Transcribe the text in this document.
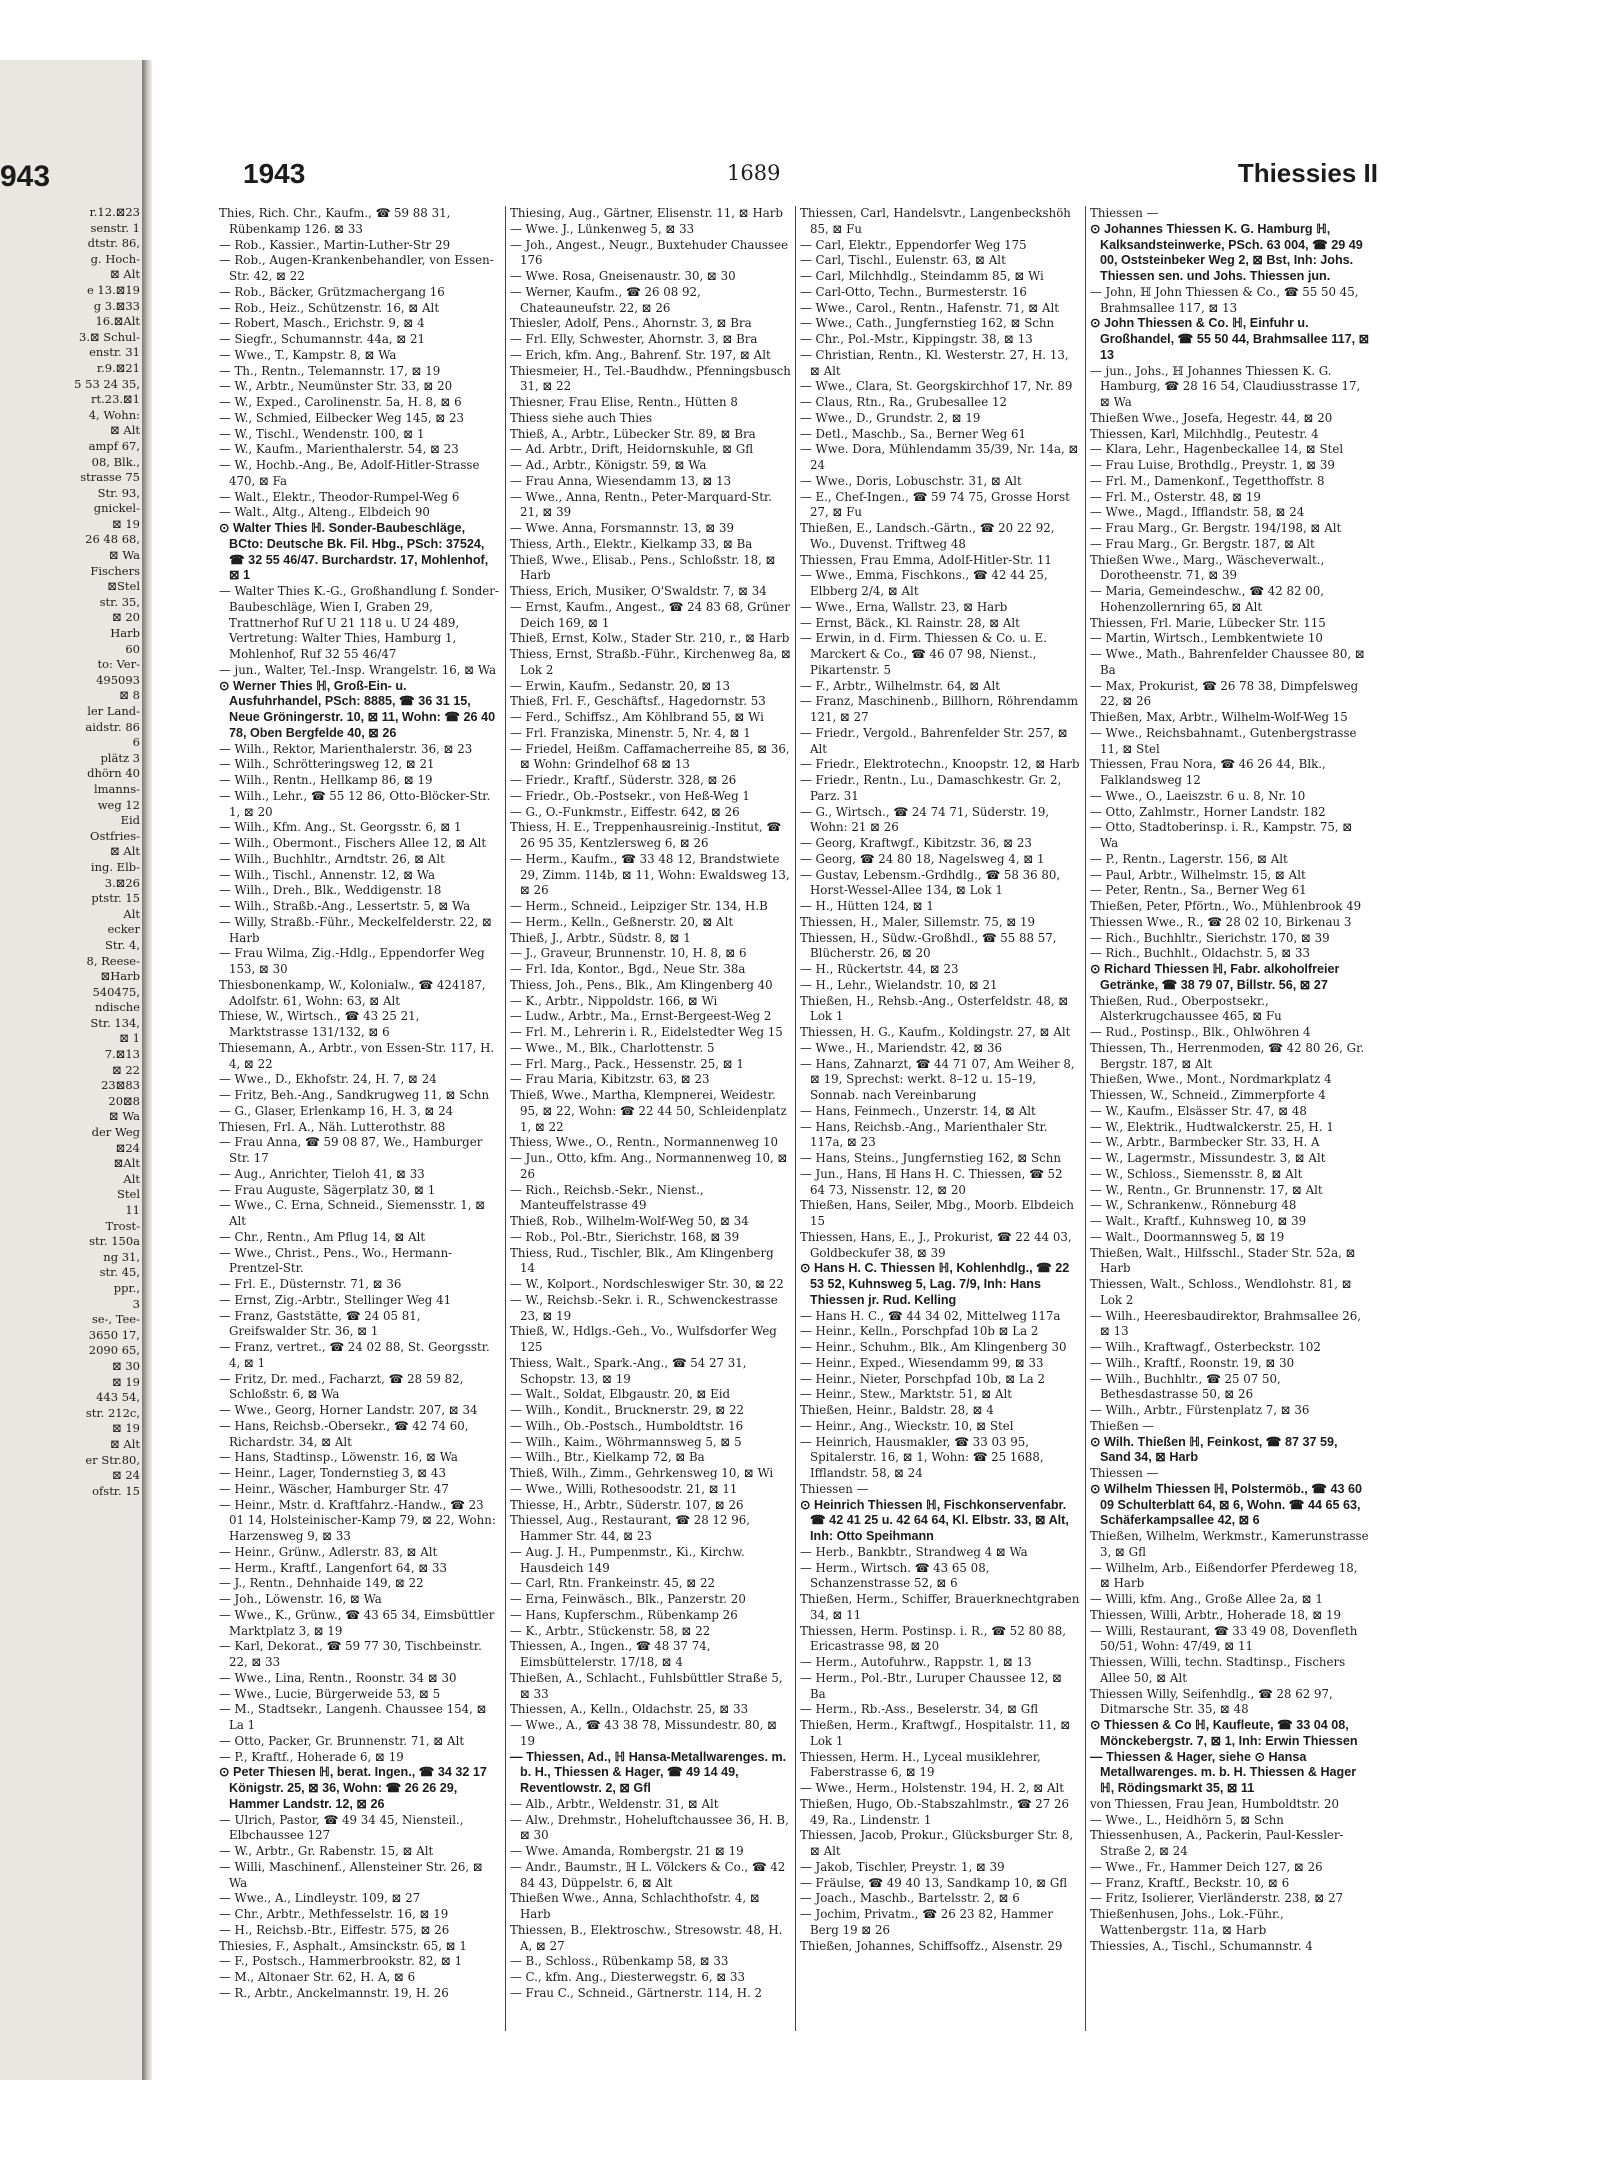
943
r.12.⊠23
senstr. 1
dtstr. 86,
g. Hoch-
⊠ Alt
e 13.⊠19
g 3.⊠33
16.⊠Alt
3.⊠ Schul-
enstr. 31
r.9.⊠21
5 53 24 35,
rt.23.⊠1
4, Wohn:
⊠ Alt
ampf 67,
08, Blk.,
strasse 75
Str. 93,
gnickel-
⊠ 19
26 48 68,
⊠ Wa
Fischers
⊠Stel
str. 35,
⊠ 20
Harb
60
to: Ver-
495093
⊠ 8
ler Land-
aidstr. 86
6
plätz 3
dhörn 40
lmanns-
weg 12
Eid
Ostfries-
⊠ Alt
ing. Elb-
3.⊠26
ptstr. 15
Alt
ecker
Str. 4,
8, Reese-
⊠Harb
540475,
ndische
Str. 134,
⊠ 1
7.⊠13
⊠ 22
23⊠83
20⊠8
⊠ Wa
der Weg
⊠24
⊠Alt
Alt
Stel
11
Trost-
str. 150a
ng 31,
str. 45,
ppr.,
3
se-, Tee-
3650 17,
2090 65,
⊠ 30
⊠ 19
443 54,
str. 212c,
⊠ 19
⊠ Alt
er Str.80,
⊠ 24
ofstr. 15
1943	1689	Thiessies II
Thies, Rich. Chr., Kaufm., ☎ 59 88 31, Rübenkamp 126. ⊠ 33
— Rob., Kassier., Martin-Luther-Str 29
— Rob., Augen-Krankenbehandler, von Essen-Str. 42, ⊠ 22
— Rob., Bäcker, Grützmachergang 16
— Rob., Heiz., Schützenstr. 16, ⊠ Alt
— Robert, Masch., Erichstr. 9, ⊠ 4
— Siegfr., Schumannstr. 44a, ⊠ 21
— Wwe., T., Kampstr. 8, ⊠ Wa
— Th., Rentn., Telemannstr. 17, ⊠ 19
— W., Arbtr., Neumünster Str. 33, ⊠ 20
— W., Exped., Carolinenstr. 5a, H. 8, ⊠ 6
— W., Schmied, Eilbecker Weg 145, ⊠ 23
— W., Tischl., Wendenstr. 100, ⊠ 1
— W., Kaufm., Marienthalerstr. 54, ⊠ 23
— W., Hochb.-Ang., Be, Adolf-Hitler-Strasse 470, ⊠ Fa
— Walt., Elektr., Theodor-Rumpel-Weg 6
— Walt., Altg., Alteng., Elbdeich 90
⊙ Walter Thies ℍ. Sonder-Baubeschläge, BCto: Deutsche Bk. Fil. Hbg., PSch: 37524, ☎ 32 55 46/47. Burchardstr. 17, Mohlenhof, ⊠ 1
— Walter Thies K.-G., Großhandlung f. Sonder-Baubeschläge, Wien I, Graben 29, Trattnerhof Ruf U 21 118 u. U 24 489, Vertretung: Walter Thies, Hamburg 1, Mohlenhof, Ruf 32 55 46/47
— jun., Walter, Tel.-Insp. Wrangelstr. 16, ⊠ Wa
⊙ Werner Thies ℍ, Groß-Ein- u. Ausfuhrhandel, PSch: 8885, ☎ 36 31 15, Neue Gröningerstr. 10, ⊠ 11, Wohn: ☎ 26 40 78, Oben Bergfelde 40, ⊠ 26
— Wilh., Rektor, Marienthalerstr. 36, ⊠ 23
— Wilh., Schrötteringsweg 12, ⊠ 21
— Wilh., Rentn., Hellkamp 86, ⊠ 19
— Wilh., Lehr., ☎ 55 12 86, Otto-Blöcker-Str. 1, ⊠ 20
— Wilh., Kfm. Ang., St. Georgsstr. 6, ⊠ 1
— Wilh., Obermont., Fischers Allee 12, ⊠ Alt
— Wilh., Buchhltr., Arndtstr. 26, ⊠ Alt
— Wilh., Tischl., Annenstr. 12, ⊠ Wa
— Wilh., Dreh., Blk., Weddigenstr. 18
— Wilh., Straßb.-Ang., Lessertstr. 5, ⊠ Wa
— Willy, Straßb.-Führ., Meckelfelderstr. 22, ⊠ Harb
— Frau Wilma, Zig.-Hdlg., Eppendorfer Weg 153, ⊠ 30
Thiesbonenkamp, W., Kolonialw., ☎ 424187, Adolfstr. 61, Wohn: 63, ⊠ Alt
Thiese, W., Wirtsch., ☎ 43 25 21, Marktstrasse 131/132, ⊠ 6
Thiesemann, A., Arbtr., von Essen-Str. 117, H. 4, ⊠ 22
— Wwe., D., Ekhofstr. 24, H. 7, ⊠ 24
— Fritz, Beh.-Ang., Sandkrugweg 11, ⊠ Schn
— G., Glaser, Erlenkamp 16, H. 3, ⊠ 24
Thiesen, Frl. A., Näh. Lutterothstr. 88
— Frau Anna, ☎ 59 08 87, We., Hamburger Str. 17
— Aug., Anrichter, Tieloh 41, ⊠ 33
— Frau Auguste, Sägerplatz 30, ⊠ 1
— Wwe., C. Erna, Schneid., Siemensstr. 1, ⊠ Alt
— Chr., Rentn., Am Pflug 14, ⊠ Alt
— Wwe., Christ., Pens., Wo., Hermann-Prentzel-Str.
— Frl. E., Düsternstr. 71, ⊠ 36
— Ernst, Zig.-Arbtr., Stellinger Weg 41
— Franz, Gaststätte, ☎ 24 05 81, Greifswalder Str. 36, ⊠ 1
— Franz, vertret., ☎ 24 02 88, St. Georgsstr. 4, ⊠ 1
— Fritz, Dr. med., Facharzt, ☎ 28 59 82, Schloßstr. 6, ⊠ Wa
— Wwe., Georg, Horner Landstr. 207, ⊠ 34
— Hans, Reichsb.-Obersekr., ☎ 42 74 60, Richardstr. 34, ⊠ Alt
— Hans, Stadtinsp., Löwenstr. 16, ⊠ Wa
— Heinr., Lager, Tondernstieg 3, ⊠ 43
— Heinr., Wäscher, Hamburger Str. 47
— Heinr., Mstr. d. Kraftfahrz.-Handw., ☎ 23 01 14, Holsteinischer-Kamp 79, ⊠ 22, Wohn: Harzensweg 9, ⊠ 33
— Heinr., Grünw., Adlerstr. 83, ⊠ Alt
— Herm., Kraftf., Langenfort 64, ⊠ 33
— J., Rentn., Dehnhaide 149, ⊠ 22
— Joh., Löwenstr. 16, ⊠ Wa
— Wwe., K., Grünw., ☎ 43 65 34, Eimsbüttler Marktplatz 3, ⊠ 19
— Karl, Dekorat., ☎ 59 77 30, Tischbeinstr. 22, ⊠ 33
— Wwe., Lina, Rentn., Roonstr. 34 ⊠ 30
— Wwe., Lucie, Bürgerweide 53, ⊠ 5
— M., Stadtsekr., Langenh. Chaussee 154, ⊠ La 1
— Otto, Packer, Gr. Brunnenstr. 71, ⊠ Alt
— P., Kraftf., Hoherade 6, ⊠ 19
⊙ Peter Thiesen ℍ, berat. Ingen., ☎ 34 32 17 Königstr. 25, ⊠ 36, Wohn: ☎ 26 26 29, Hammer Landstr. 12, ⊠ 26
— Ulrich, Pastor, ☎ 49 34 45, Niensteil., Elbchaussee 127
— W., Arbtr., Gr. Rabenstr. 15, ⊠ Alt
— Willi, Maschinenf., Allensteiner Str. 26, ⊠ Wa
— Wwe., A., Lindleystr. 109, ⊠ 27
— Chr., Arbtr., Methfesselstr. 16, ⊠ 19
— H., Reichsb.-Btr., Eiffestr. 575, ⊠ 26
Thiesies, F., Asphalt., Amsinckstr. 65, ⊠ 1
— F., Postsch., Hammerbrookstr. 82, ⊠ 1
— M., Altonaer Str. 62, H. A, ⊠ 6
— R., Arbtr., Anckelmannstr. 19, H. 26
Thiesing, Aug., Gärtner, Elisenstr. 11, ⊠ Harb
— Wwe. J., Lünkenweg 5, ⊠ 33
— Joh., Angest., Neugr., Buxtehuder Chaussee 176
— Wwe. Rosa, Gneisenaustr. 30, ⊠ 30
— Werner, Kaufm., ☎ 26 08 92, Chateauneufstr. 22, ⊠ 26
Thiesler, Adolf, Pens., Ahornstr. 3, ⊠ Bra
— Frl. Elly, Schwester, Ahornstr. 3, ⊠ Bra
— Erich, kfm. Ang., Bahrenf. Str. 197, ⊠ Alt
Thiesmeier, H., Tel.-Baudhdw., Pfenningsbusch 31, ⊠ 22
Thiesner, Frau Elise, Rentn., Hütten 8
Thiess siehe auch Thies
Thieß, A., Arbtr., Lübecker Str. 89, ⊠ Bra
— Ad. Arbtr., Drift, Heidornskuhle, ⊠ Gfl
— Ad., Arbtr., Königstr. 59, ⊠ Wa
— Frau Anna, Wiesendamm 13, ⊠ 13
— Wwe., Anna, Rentn., Peter-Marquard-Str. 21, ⊠ 39
— Wwe. Anna, Forsmannstr. 13, ⊠ 39
Thiess, Arth., Elektr., Kielkamp 33, ⊠ Ba
Thieß, Wwe., Elisab., Pens., Schloßstr. 18, ⊠ Harb
Thiess, Erich, Musiker, O'Swaldstr. 7, ⊠ 34
— Ernst, Kaufm., Angest., ☎ 24 83 68, Grüner Deich 169, ⊠ 1
Thieß, Ernst, Kolw., Stader Str. 210, r., ⊠ Harb
Thiess, Ernst, Straßb.-Führ., Kirchenweg 8a, ⊠ Lok 2
— Erwin, Kaufm., Sedanstr. 20, ⊠ 13
Thieß, Frl. F., Geschäftsf., Hagedornstr. 53
— Ferd., Schiffsz., Am Köhlbrand 55, ⊠ Wi
— Frl. Franziska, Minenstr. 5, Nr. 4, ⊠ 1
— Friedel, Heißm. Caffamacherreihe 85, ⊠ 36, ⊠ Wohn: Grindelhof 68 ⊠ 13
— Friedr., Kraftf., Süderstr. 328, ⊠ 26
— Friedr., Ob.-Postsekr., von Heß-Weg 1
— G., O.-Funkmstr., Eiffestr. 642, ⊠ 26
Thiess, H. E., Treppenhausreinig.-Institut, ☎ 26 95 35, Kentzlersweg 6, ⊠ 26
— Herm., Kaufm., ☎ 33 48 12, Brandstwiete 29, Zimm. 114b, ⊠ 11, Wohn: Ewaldsweg 13, ⊠ 26
— Herm., Schneid., Leipziger Str. 134, H.B
— Herm., Kelln., Geßnerstr. 20, ⊠ Alt
Thieß, J., Arbtr., Südstr. 8, ⊠ 1
— J., Graveur, Brunnenstr. 10, H. 8, ⊠ 6
— Frl. Ida, Kontor., Bgd., Neue Str. 38a
Thiess, Joh., Pens., Blk., Am Klingenberg 40
— K., Arbtr., Nippoldstr. 166, ⊠ Wi
— Ludw., Arbtr., Ma., Ernst-Bergeest-Weg 2
— Frl. M., Lehrerin i. R., Eidelstedter Weg 15
— Wwe., M., Blk., Charlottenstr. 5
— Frl. Marg., Pack., Hessenstr. 25, ⊠ 1
— Frau Maria, Kibitzstr. 63, ⊠ 23
Thieß, Wwe., Martha, Klempnerei, Weidestr. 95, ⊠ 22, Wohn: ☎ 22 44 50, Schleidenplatz 1, ⊠ 22
Thiess, Wwe., O., Rentn., Normannenweg 10
— Jun., Otto, kfm. Ang., Normannenweg 10, ⊠ 26
— Rich., Reichsb.-Sekr., Nienst., Manteuffelstrasse 49
Thieß, Rob., Wilhelm-Wolf-Weg 50, ⊠ 34
— Rob., Pol.-Btr., Sierichstr. 168, ⊠ 39
Thiess, Rud., Tischler, Blk., Am Klingenberg 14
— W., Kolport., Nordschleswiger Str. 30, ⊠ 22
— W., Reichsb.-Sekr. i. R., Schwenckestrasse 23, ⊠ 19
Thieß, W., Hdlgs.-Geh., Vo., Wulfsdorfer Weg 125
Thiess, Walt., Spark.-Ang., ☎ 54 27 31, Schopstr. 13, ⊠ 19
— Walt., Soldat, Elbgaustr. 20, ⊠ Eid
— Wilh., Kondit., Brucknerstr. 29, ⊠ 22
— Wilh., Ob.-Postsch., Humboldtstr. 16
— Wilh., Kaim., Wöhrmannsweg 5, ⊠ 5
— Wilh., Btr., Kielkamp 72, ⊠ Ba
Thieß, Wilh., Zimm., Gehrkensweg 10, ⊠ Wi
— Wwe., Willi, Rothesoodstr. 21, ⊠ 11
Thiesse, H., Arbtr., Süderstr. 107, ⊠ 26
Thiessel, Aug., Restaurant, ☎ 28 12 96, Hammer Str. 44, ⊠ 23
— Aug. J. H., Pumpenmstr., Ki., Kirchw. Hausdeich 149
— Carl, Rtn. Frankeinstr. 45, ⊠ 22
— Erna, Feinwäsch., Blk., Panzerstr. 20
— Hans, Kupferschm., Rübenkamp 26
— K., Arbtr., Stückenstr. 58, ⊠ 22
Thiessen, A., Ingen., ☎ 48 37 74, Eimsbüttelerstr. 17/18, ⊠ 4
Thießen, A., Schlacht., Fuhlsbüttler Straße 5, ⊠ 33
Thiessen, A., Kelln., Oldachstr. 25, ⊠ 33
— Wwe., A., ☎ 43 38 78, Missundestr. 80, ⊠ 19
— Thiessen, Ad., ℍ Hansa-Metallwarenges. m. b. H., Thiessen & Hager, ☎ 49 14 49, Reventlowstr. 2, ⊠ Gfl
— Alb., Arbtr., Weldenstr. 31, ⊠ Alt
— Alw., Drehmstr., Hoheluftchaussee 36, H. B, ⊠ 30
— Wwe. Amanda, Rombergstr. 21 ⊠ 19
— Andr., Baumstr., ℍ L. Völckers & Co., ☎ 42 84 43, Düppelstr. 6, ⊠ Alt
Thießen Wwe., Anna, Schlachthofstr. 4, ⊠ Harb
Thiessen, B., Elektroschw., Stresowstr. 48, H. A, ⊠ 27
— B., Schloss., Rübenkamp 58, ⊠ 33
— C., kfm. Ang., Diesterwegstr. 6, ⊠ 33
— Frau C., Schneid., Gärtnerstr. 114, H. 2
Thiessen, Carl, Handelsvtr., Langenbeckshöh 85, ⊠ Fu
— Carl, Elektr., Eppendorfer Weg 175
— Carl, Tischl., Eulenstr. 63, ⊠ Alt
— Carl, Milchhdlg., Steindamm 85, ⊠ Wi
— Carl-Otto, Techn., Burmesterstr. 16
— Wwe., Carol., Rentn., Hafenstr. 71, ⊠ Alt
— Wwe., Cath., Jungfernstieg 162, ⊠ Schn
— Chr., Pol.-Mstr., Kippingstr. 38, ⊠ 13
— Christian, Rentn., Kl. Westerstr. 27, H. 13, ⊠ Alt
— Wwe., Clara, St. Georgskirchhof 17, Nr. 89
— Claus, Rtn., Ra., Grubesallee 12
— Wwe., D., Grundstr. 2, ⊠ 19
— Detl., Maschb., Sa., Berner Weg 61
— Wwe. Dora, Mühlendamm 35/39, Nr. 14a, ⊠ 24
— Wwe., Doris, Lobuschstr. 31, ⊠ Alt
— E., Chef-Ingen., ☎ 59 74 75, Grosse Horst 27, ⊠ Fu
Thießen, E., Landsch.-Gärtn., ☎ 20 22 92, Wo., Duvenst. Triftweg 48
Thiessen, Frau Emma, Adolf-Hitler-Str. 11
— Wwe., Emma, Fischkons., ☎ 42 44 25, Elbberg 2/4, ⊠ Alt
— Wwe., Erna, Wallstr. 23, ⊠ Harb
— Ernst, Bäck., Kl. Rainstr. 28, ⊠ Alt
— Erwin, in d. Firm. Thiessen & Co. u. E. Marckert & Co., ☎ 46 07 98, Nienst., Pikartenstr. 5
— F., Arbtr., Wilhelmstr. 64, ⊠ Alt
— Franz, Maschinenb., Billhorn, Röhrendamm 121, ⊠ 27
— Friedr., Vergold., Bahrenfelder Str. 257, ⊠ Alt
— Friedr., Elektrotechn., Knoopstr. 12, ⊠ Harb
— Friedr., Rentn., Lu., Damaschkestr. Gr. 2, Parz. 31
— G., Wirtsch., ☎ 24 74 71, Süderstr. 19, Wohn: 21 ⊠ 26
— Georg, Kraftwgf., Kibitzstr. 36, ⊠ 23
— Georg, ☎ 24 80 18, Nagelsweg 4, ⊠ 1
— Gustav, Lebensm.-Grdhdlg., ☎ 58 36 80, Horst-Wessel-Allee 134, ⊠ Lok 1
— H., Hütten 124, ⊠ 1
Thiessen, H., Maler, Sillemstr. 75, ⊠ 19
Thiessen, H., Südw.-Großhdl., ☎ 55 88 57, Blücherstr. 26, ⊠ 20
— H., Rückertstr. 44, ⊠ 23
— H., Lehr., Wielandstr. 10, ⊠ 21
Thießen, H., Rehsb.-Ang., Osterfeldstr. 48, ⊠ Lok 1
Thiessen, H. G., Kaufm., Koldingstr. 27, ⊠ Alt
— Wwe., H., Mariendstr. 42, ⊠ 36
— Hans, Zahnarzt, ☎ 44 71 07, Am Weiher 8, ⊠ 19, Sprechst: werkt. 8–12 u. 15–19, Sonnab. nach Vereinbarung
— Hans, Feinmech., Unzerstr. 14, ⊠ Alt
— Hans, Reichsb.-Ang., Marienthaler Str. 117a, ⊠ 23
— Hans, Steins., Jungfernstieg 162, ⊠ Schn
— Jun., Hans, ℍ Hans H. C. Thiessen, ☎ 52 64 73, Nissenstr. 12, ⊠ 20
Thießen, Hans, Seiler, Mbg., Moorb. Elbdeich 15
Thiessen, Hans, E., J., Prokurist, ☎ 22 44 03, Goldbeckufer 38, ⊠ 39
⊙ Hans H. C. Thiessen ℍ, Kohlenhdlg., ☎ 22 53 52, Kuhnsweg 5, Lag. 7/9, Inh: Hans Thiessen jr. Rud. Kelling
— Hans H. C., ☎ 44 34 02, Mittelweg 117a
— Heinr., Kelln., Porschpfad 10b ⊠ La 2
— Heinr., Schuhm., Blk., Am Klingenberg 30
— Heinr., Exped., Wiesendamm 99, ⊠ 33
— Heinr., Nieter, Porschpfad 10b, ⊠ La 2
— Heinr., Stew., Marktstr. 51, ⊠ Alt
Thießen, Heinr., Baldstr. 28, ⊠ 4
— Heinr., Ang., Wieckstr. 10, ⊠ Stel
— Heinrich, Hausmakler, ☎ 33 03 95, Spitalerstr. 16, ⊠ 1, Wohn: ☎ 25 1688, Ifflandstr. 58, ⊠ 24
Thiessen —
⊙ Heinrich Thiessen ℍ, Fischkonservenfabr. ☎ 42 41 25 u. 42 64 64, Kl. Elbstr. 33, ⊠ Alt, Inh: Otto Speihmann
— Herb., Bankbtr., Strandweg 4 ⊠ Wa
— Herm., Wirtsch. ☎ 43 65 08, Schanzenstrasse 52, ⊠ 6
Thießen, Herm., Schiffer, Brauerknechtgraben 34, ⊠ 11
Thiessen, Herm. Postinsp. i. R., ☎ 52 80 88, Ericastrasse 98, ⊠ 20
— Herm., Autofuhrw., Rappstr. 1, ⊠ 13
— Herm., Pol.-Btr., Luruper Chaussee 12, ⊠ Ba
— Herm., Rb.-Ass., Beselerstr. 34, ⊠ Gfl
Thießen, Herm., Kraftwgf., Hospitalstr. 11, ⊠ Lok 1
Thiessen, Herm. H., Lyceal musiklehrer, Faberstrasse 6, ⊠ 19
— Wwe., Herm., Holstenstr. 194, H. 2, ⊠ Alt
Thießen, Hugo, Ob.-Stabszahlmstr., ☎ 27 26 49, Ra., Lindenstr. 1
Thiessen, Jacob, Prokur., Glücksburger Str. 8, ⊠ Alt
— Jakob, Tischler, Preystr. 1, ⊠ 39
— Fräulse, ☎ 49 40 13, Sandkamp 10, ⊠ Gfl
— Joach., Maschb., Bartelsstr. 2, ⊠ 6
— Jochim, Privatm., ☎ 26 23 82, Hammer Berg 19 ⊠ 26
Thießen, Johannes, Schiffsoffz., Alsenstr. 29
Thiessen —
⊙ Johannes Thiessen K. G. Hamburg ℍ, Kalksandsteinwerke, PSch. 63 004, ☎ 29 49 00, Oststeinbeker Weg 2, ⊠ Bst, Inh: Johs. Thiessen sen. und Johs. Thiessen jun.
— John, ℍ John Thiessen & Co., ☎ 55 50 45, Brahmsallee 117, ⊠ 13
⊙ John Thiessen & Co. ℍ, Einfuhr u. Großhandel, ☎ 55 50 44, Brahmsallee 117, ⊠ 13
— jun., Johs., ℍ Johannes Thiessen K. G. Hamburg, ☎ 28 16 54, Claudiusstrasse 17, ⊠ Wa
Thießen Wwe., Josefa, Hegestr. 44, ⊠ 20
Thiessen, Karl, Milchhdlg., Peutestr. 4
— Klara, Lehr., Hagenbeckallee 14, ⊠ Stel
— Frau Luise, Brothdlg., Preystr. 1, ⊠ 39
— Frl. M., Damenkonf., Tegetthoffstr. 8
— Frl. M., Osterstr. 48, ⊠ 19
— Wwe., Magd., Ifflandstr. 58, ⊠ 24
— Frau Marg., Gr. Bergstr. 194/198, ⊠ Alt
— Frau Marg., Gr. Bergstr. 187, ⊠ Alt
Thießen Wwe., Marg., Wäscheverwalt., Dorotheenstr. 71, ⊠ 39
— Maria, Gemeindeschw., ☎ 42 82 00, Hohenzollernring 65, ⊠ Alt
Thiessen, Frl. Marie, Lübecker Str. 115
— Martin, Wirtsch., Lembkentwiete 10
— Wwe., Math., Bahrenfelder Chaussee 80, ⊠ Ba
— Max, Prokurist, ☎ 26 78 38, Dimpfelsweg 22, ⊠ 26
Thießen, Max, Arbtr., Wilhelm-Wolf-Weg 15
— Wwe., Reichsbahnamt., Gutenbergstrasse 11, ⊠ Stel
Thiessen, Frau Nora, ☎ 46 26 44, Blk., Falklandsweg 12
— Wwe., O., Laeiszstr. 6 u. 8, Nr. 10
— Otto, Zahlmstr., Horner Landstr. 182
— Otto, Stadtoberinsp. i. R., Kampstr. 75, ⊠ Wa
— P., Rentn., Lagerstr. 156, ⊠ Alt
— Paul, Arbtr., Wilhelmstr. 15, ⊠ Alt
— Peter, Rentn., Sa., Berner Weg 61
Thießen, Peter, Pförtn., Wo., Mühlenbrook 49
Thiessen Wwe., R., ☎ 28 02 10, Birkenau 3
— Rich., Buchhltr., Sierichstr. 170, ⊠ 39
— Rich., Buchhlt., Oldachstr. 5, ⊠ 33
⊙ Richard Thiessen ℍ, Fabr. alkoholfreier Getränke, ☎ 38 79 07, Billstr. 56, ⊠ 27
Thießen, Rud., Oberpostsekr., Alsterkrugchaussee 465, ⊠ Fu
— Rud., Postinsp., Blk., Ohlwöhren 4
Thiessen, Th., Herrenmoden, ☎ 42 80 26, Gr. Bergstr. 187, ⊠ Alt
Thießen, Wwe., Mont., Nordmarkplatz 4
Thiessen, W., Schneid., Zimmerpforte 4
— W., Kaufm., Elsässer Str. 47, ⊠ 48
— W., Elektrik., Hudtwalckerstr. 25, H. 1
— W., Arbtr., Barmbecker Str. 33, H. A
— W., Lagermstr., Missundestr. 3, ⊠ Alt
— W., Schloss., Siemensstr. 8, ⊠ Alt
— W., Rentn., Gr. Brunnenstr. 17, ⊠ Alt
— W., Schrankenw., Rönneburg 48
— Walt., Kraftf., Kuhnsweg 10, ⊠ 39
— Walt., Doormannsweg 5, ⊠ 19
Thießen, Walt., Hilfsschl., Stader Str. 52a, ⊠ Harb
Thiessen, Walt., Schloss., Wendlohstr. 81, ⊠ Lok 2
— Wilh., Heeresbaudirektor, Brahmsallee 26, ⊠ 13
— Wilh., Kraftwagf., Osterbeckstr. 102
— Wilh., Kraftf., Roonstr. 19, ⊠ 30
— Wilh., Buchhltr., ☎ 25 07 50, Bethesdastrasse 50, ⊠ 26
— Wilh., Arbtr., Fürstenplatz 7, ⊠ 36
Thießen —
⊙ Wilh. Thießen ℍ, Feinkost, ☎ 87 37 59, Sand 34, ⊠ Harb
Thiessen —
⊙ Wilhelm Thiessen ℍ, Polstermöb., ☎ 43 60 09 Schulterblatt 64, ⊠ 6, Wohn. ☎ 44 65 63, Schäferkampsallee 42, ⊠ 6
Thießen, Wilhelm, Werkmstr., Kamerunstrasse 3, ⊠ Gfl
— Wilhelm, Arb., Eißendorfer Pferdeweg 18, ⊠ Harb
— Willi, kfm. Ang., Große Allee 2a, ⊠ 1
Thiessen, Willi, Arbtr., Hoherade 18, ⊠ 19
— Willi, Restaurant, ☎ 33 49 08, Dovenfleth 50/51, Wohn: 47/49, ⊠ 11
Thiessen, Willi, techn. Stadtinsp., Fischers Allee 50, ⊠ Alt
Thiessen Willy, Seifenhdlg., ☎ 28 62 97, Ditmarsche Str. 35, ⊠ 48
⊙ Thiessen & Co ℍ, Kaufleute, ☎ 33 04 08, Mönckebergstr. 7, ⊠ 1, Inh: Erwin Thiessen
— Thiessen & Hager, siehe ⊙ Hansa Metallwarenges. m. b. H. Thiessen & Hager ℍ, Rödingsmarkt 35, ⊠ 11
von Thiessen, Frau Jean, Humboldtstr. 20
— Wwe., L., Heidhörn 5, ⊠ Schn
Thiessenhusen, A., Packerin, Paul-Kessler-Straße 2, ⊠ 24
— Wwe., Fr., Hammer Deich 127, ⊠ 26
— Franz, Kraftf., Beckstr. 10, ⊠ 6
— Fritz, Isolierer, Vierländerstr. 238, ⊠ 27
Thießenhusen, Johs., Lok.-Führ., Wattenbergstr. 11a, ⊠ Harb
Thiessies, A., Tischl., Schumannstr. 4
